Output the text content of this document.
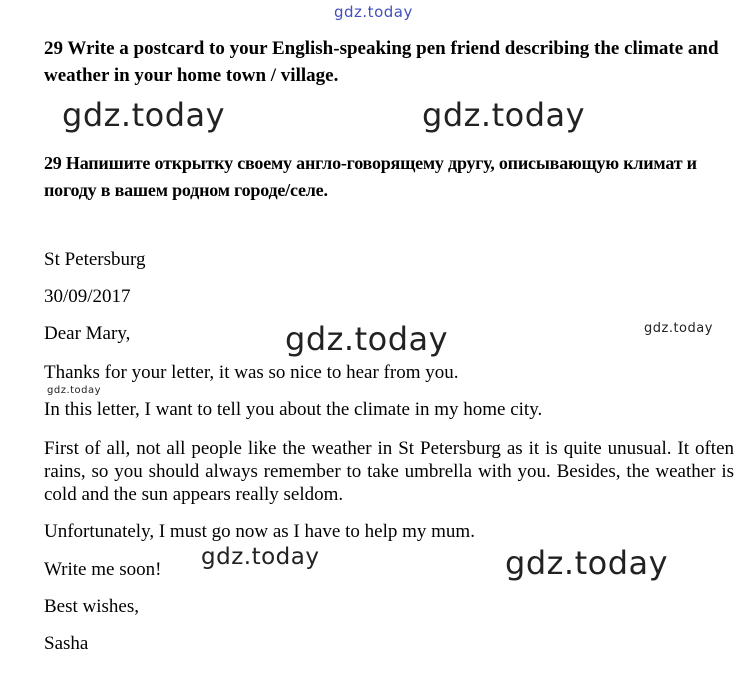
gdz.today
29 Write a postcard to your English-speaking pen friend describing the climate and weather in your home town / village.
gdz.today	gdz.today
29 Напишите открытку своему англо-говорящему другу, описывающую климат и погоду в вашем родном городе/селе.
St Petersburg
30/09/2017
Dear Mary,	gdz.today	gdz.today
Thanks for your letter, it was so nice to hear from you.
gdz.today
In this letter, I want to tell you about the climate in my home city.
First of all, not all people like the weather in St Petersburg as it is quite unusual. It often rains, so you should always remember to take umbrella with you. Besides, the weather is cold and the sun appears really seldom.
Unfortunately, I must go now as I have to help my mum.
Write me soon! gdz.today	gdz.today
Best wishes,
Sasha
